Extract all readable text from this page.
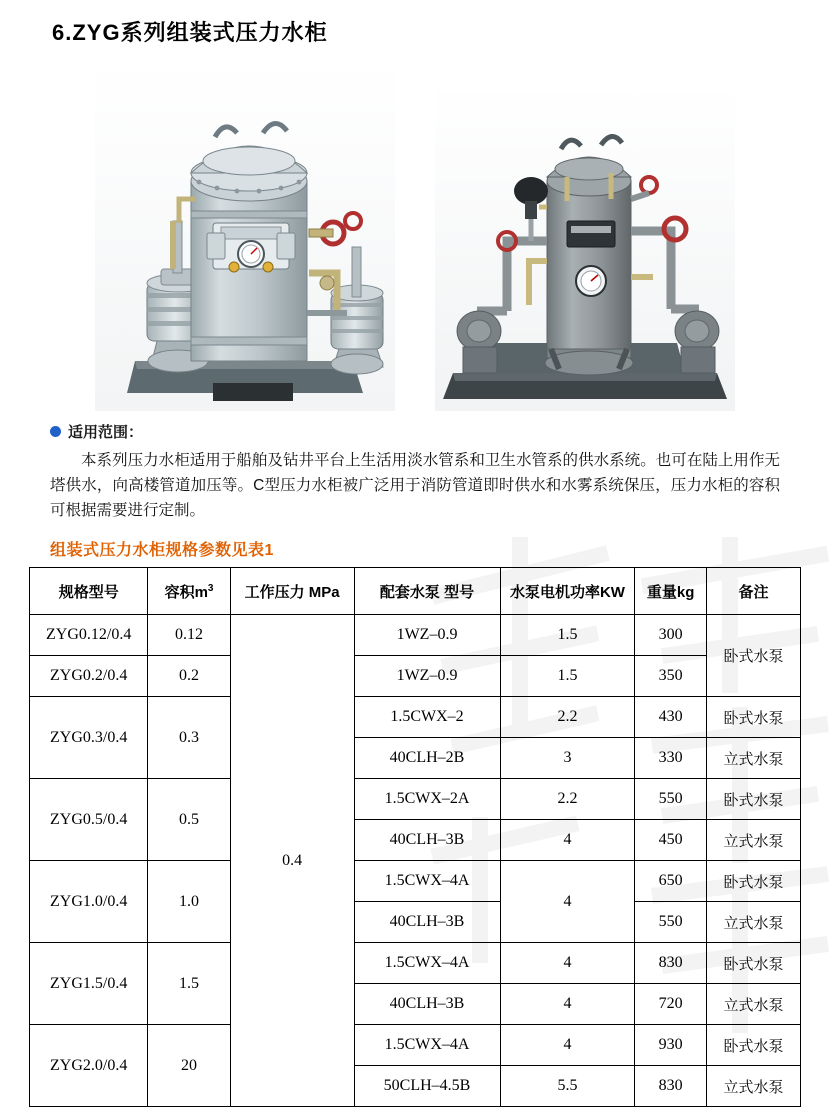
6.ZYG系列组装式压力水柜
适用范围：

本系列压力水柜适用于船舶及钻井平台上生活用淡水管系和卫生水管系的供水系统。也可在陆上用作无塔供水，向高楼管道加压等。C型压力水柜被广泛用于消防管道即时供水和水雾系统保压，压力水柜的容积可根据需要进行定制。

组装式压力水柜规格参数见表1
规格型号	容积$m^3$	工作压力 MPa	配套水泵 型号	水泵电机功率KW	重量kg	备注
ZYG0.12/0.4	0.12	0.4	1WZ–0.9	1.5	300	卧式水泵
ZYG0.2/0.4	0.2		1WZ–0.9	1.5	350	
ZYG0.3/0.4	0.3		1.5CWX–2	2.2	430	卧式水泵
			40CLH–2B	3	330	立式水泵
ZYG0.5/0.4	0.5		1.5CWX–2A	2.2	550	卧式水泵
			40CLH–3B	4	450	立式水泵
ZYG1.0/0.4	1.0		1.5CWX–4A	4	650	卧式水泵
			40CLH–3B		550	立式水泵
ZYG1.5/0.4	1.5		1.5CWX–4A	4	830	卧式水泵
			40CLH–3B	4	720	立式水泵
ZYG2.0/0.4	20		1.5CWX–4A	4	930	卧式水泵
			50CLH–4.5B	5.5	830	立式水泵
